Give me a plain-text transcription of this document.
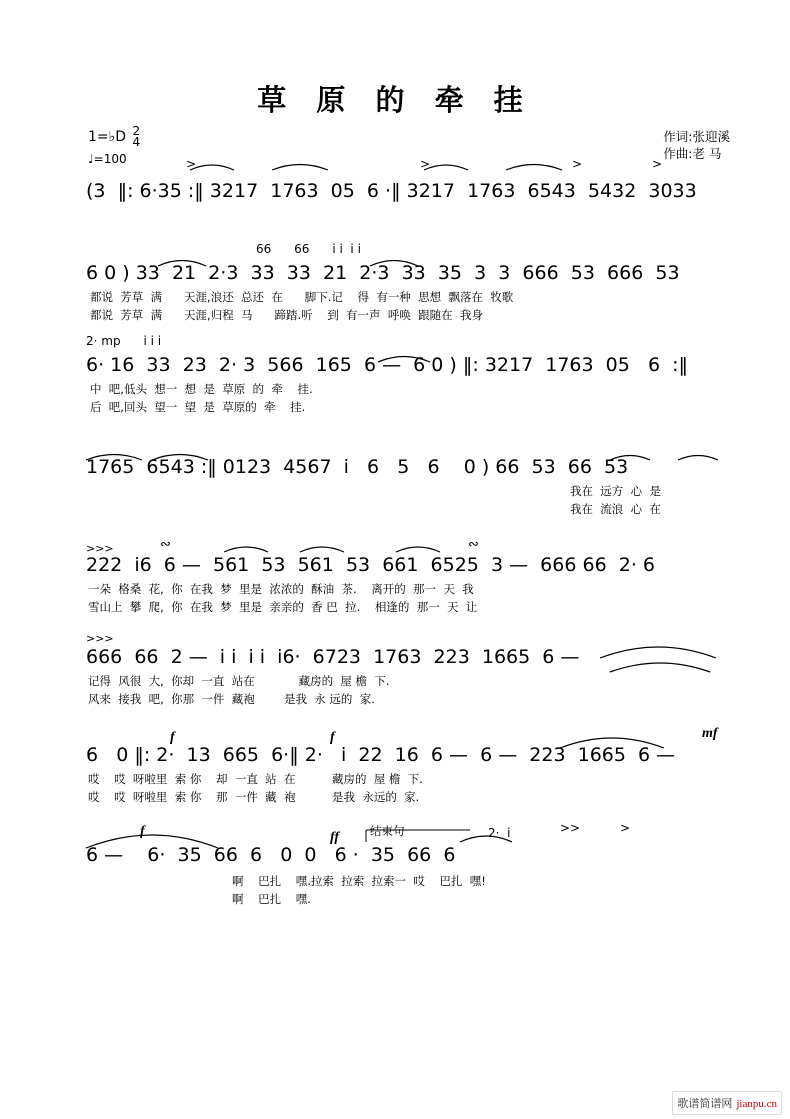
草 原 的 牵 挂
作词:张迎溪
作曲:老 马
1=♭D 2
4
♩=100	>	>	>	>
(3  ‖: 6·35 :‖ 3217  1763  05  6 ·‖ 3217  1763  6543  5432  3033
66      66      i i  i i
6 0 ) 33  21  2·3  33  33  21  2·3  33  35  3  3  666  53  666  53
都说  芳草  满      天涯,浪还  总还  在      脚下.记    得  有一种  思想  飘落在  牧歌
都说  芳草  满      天涯,归程  马      蹄踏.听    到  有一声  呼唤  跟随在  我身
2· mp      i i i
6· 16  33  23  2· 3  566  165  6 —  6 0 ) ‖: 3217  1763  05   6  :‖
中  吧,低头  想一  想  是  草原  的  牵    挂.
后  吧,回头  望一  望  是  草原的  牵    挂.
1765  6543 :‖ 0123  4567  i   6   5   6    0 ) 66  53  66  53
我在  远方  心  是
我在  流浪  心  在
>>>	∾	∾
222  i6  6 —  561  53  561  53  661  6525  3 —  666 66  2· 6
一朵  格桑  花,  你  在我  梦  里是  浓浓的  酥油  茶.    离开的  那一  天  我
雪山上  攀  爬,  你  在我  梦  里是  亲亲的  香 巴  拉.    相逢的  那一  天  让
>>>
666  66  2 —  i i  i i  i6·  6723  1763  223  1665  6 —
记得  风很  大,  你却  一直  站在            藏房的  屋 檐  下.
风来  接我  吧,  你那  一件  藏袍        是我  永 远的  家.
f	f	mf
6   0 ‖: 2·  13  665  6·‖ 2·   i  22  16  6 —  6 —  223  1665  6 —
哎    哎  呀啦里  索 你    却  一直  站  在          藏房的  屋 檐  下.
哎    哎  呀啦里  索 你    那  一件  藏  袍          是我  永远的  家.
>>	>
f	ff	结束句	2·  i
6 —    6·  35  66  6   0  0   6 ·  35  66  6
啊    巴扎    嘿.拉索  拉索  拉索一  哎    巴扎  嘿!
啊    巴扎    嘿.
歌谱简谱网 jianpu.cn
